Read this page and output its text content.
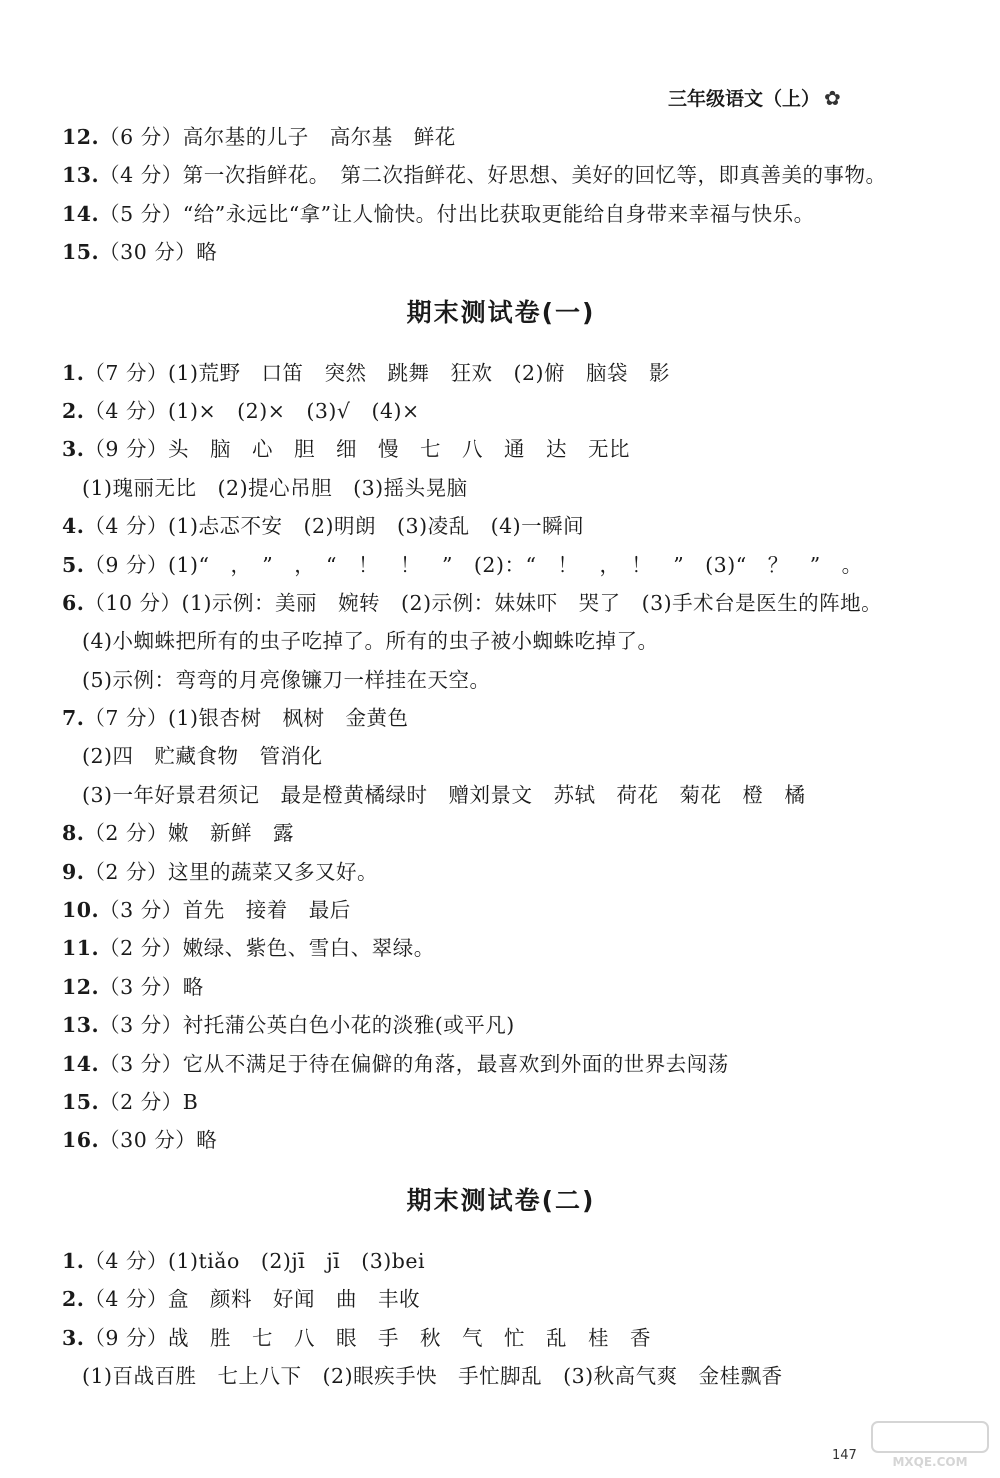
三年级语文（上） ✿
12.（6 分）高尔基的儿子　高尔基　鲜花
13.（4 分）第一次指鲜花。　第二次指鲜花、好思想、美好的回忆等，即真善美的事物。
14.（5 分）“给”永远比“拿”让人愉快。付出比获取更能给自身带来幸福与快乐。
15.（30 分）略
期末测试卷(一)
1.（7 分）(1)荒野　口笛　突然　跳舞　狂欢　(2)俯　脑袋　影
2.（4 分）(1)×　(2)×　(3)√　(4)×
3.（9 分）头　脑　心　胆　细　慢　七　八　通　达　无比
(1)瑰丽无比　(2)提心吊胆　(3)摇头晃脑
4.（4 分）(1)忐忑不安　(2)明朗　(3)凌乱　(4)一瞬间
5.（9 分）(1)“　，　”　，　“　！　！　”　(2)：“　！　，　！　”　(3)“　？　”　。
6.（10 分）(1)示例：美丽　婉转　(2)示例：妹妹吓　哭了　(3)手术台是医生的阵地。
(4)小蜘蛛把所有的虫子吃掉了。所有的虫子被小蜘蛛吃掉了。
(5)示例：弯弯的月亮像镰刀一样挂在天空。
7.（7 分）(1)银杏树　枫树　金黄色
(2)四　贮藏食物　管消化
(3)一年好景君须记　最是橙黄橘绿时　赠刘景文　苏轼　荷花　菊花　橙　橘
8.（2 分）嫩　新鲜　露
9.（2 分）这里的蔬菜又多又好。
10.（3 分）首先　接着　最后
11.（2 分）嫩绿、紫色、雪白、翠绿。
12.（3 分）略
13.（3 分）衬托蒲公英白色小花的淡雅(或平凡)
14.（3 分）它从不满足于待在偏僻的角落，最喜欢到外面的世界去闯荡
15.（2 分）B
16.（30 分）略
期末测试卷(二)
1.（4 分）(1)tiǎo　(2)jī　jī　(3)bei
2.（4 分）盒　颜料　好闻　曲　丰收
3.（9 分）战　胜　七　八　眼　手　秋　气　忙　乱　桂　香
(1)百战百胜　七上八下　(2)眼疾手快　手忙脚乱　(3)秋高气爽　金桂飘香
147	MXQE.COM
